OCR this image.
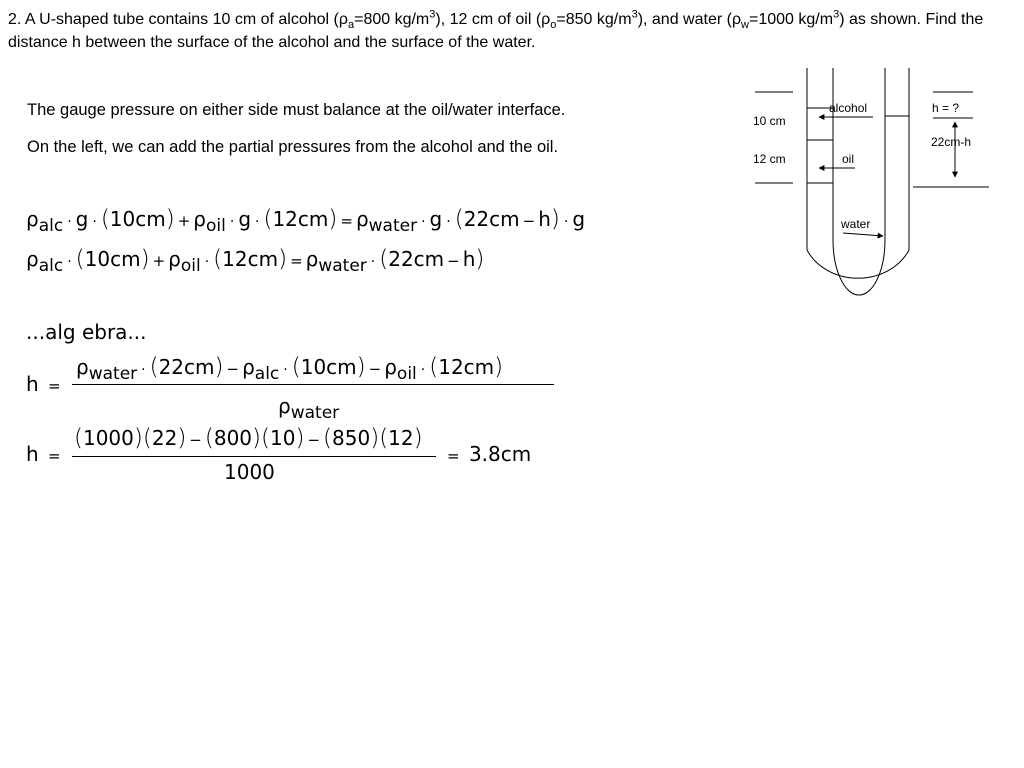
2. A U-shaped tube contains 10 cm of alcohol ($\rho_a=800$ $kg/m^3$), 12 cm of oil ($\rho_o=850$ $kg/m^3$), and water ($\rho_w=1000$ $kg/m^3$) as shown. Find the distance h between the surface of the alcohol and the surface of the water.
The gauge pressure on either side must balance at the oil/water interface.
On the left, we can add the partial pressures from the alcohol and the oil.
$\rho_{alc} \cdot g \cdot (10cm) + \rho_{oil} \cdot g \cdot (12cm) = \rho_{water} \cdot g \cdot (22cm - h) \cdot g$
$\rho_{alc} \cdot (10cm) + \rho_{oil} \cdot (12cm) = \rho_{water} \cdot (22cm - h)$
...alg ebra...
h =
$\rho_{water} \cdot (22cm) - \rho_{alc} \cdot (10cm) - \rho_{oil} \cdot (12cm)$
$\rho_{water}$
h =
(1000)(22) − (800)(10) − (850)(12)
1000
= 3.8cm
alcohol
oil
water
10 cm
12 cm
h = ?
22cm-h
